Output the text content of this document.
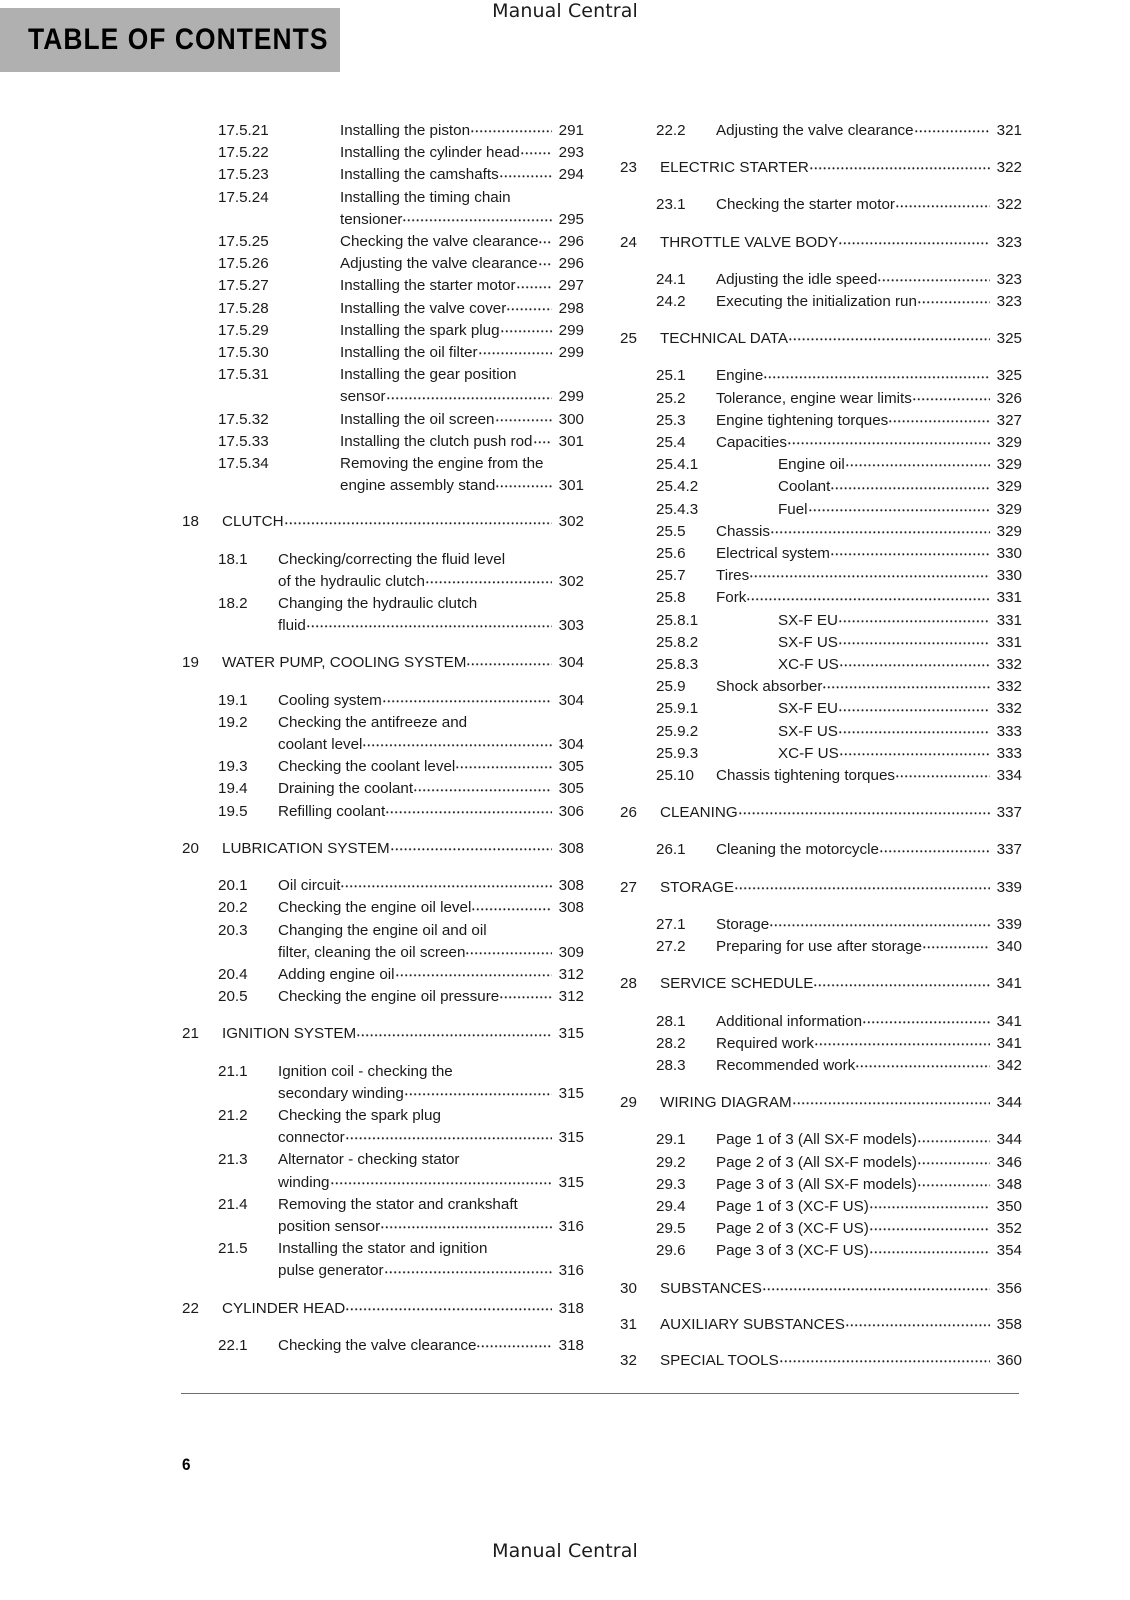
Manual Central
TABLE OF CONTENTS
17.5.21	Installing the piston	291
17.5.22	Installing the cylinder head	293
17.5.23	Installing the camshafts	294
17.5.24	Installing the timing chain
tensioner	295
17.5.25	Checking the valve clearance	296
17.5.26	Adjusting the valve clearance	296
17.5.27	Installing the starter motor	297
17.5.28	Installing the valve cover	298
17.5.29	Installing the spark plug	299
17.5.30	Installing the oil filter	299
17.5.31	Installing the gear position
sensor	299
17.5.32	Installing the oil screen	300
17.5.33	Installing the clutch push rod	301
17.5.34	Removing the engine from the
engine assembly stand	301
18	CLUTCH	302
18.1	Checking/correcting the fluid level
of the hydraulic clutch	302
18.2	Changing the hydraulic clutch
fluid	303
19	WATER PUMP, COOLING SYSTEM	304
19.1	Cooling system	304
19.2	Checking the antifreeze and
coolant level	304
19.3	Checking the coolant level	305
19.4	Draining the coolant	305
19.5	Refilling coolant	306
20	LUBRICATION SYSTEM	308
20.1	Oil circuit	308
20.2	Checking the engine oil level	308
20.3	Changing the engine oil and oil
filter, cleaning the oil screen	309
20.4	Adding engine oil	312
20.5	Checking the engine oil pressure	312
21	IGNITION SYSTEM	315
21.1	Ignition coil - checking the
secondary winding	315
21.2	Checking the spark plug
connector	315
21.3	Alternator - checking stator
winding	315
21.4	Removing the stator and crankshaft
position sensor	316
21.5	Installing the stator and ignition
pulse generator	316
22	CYLINDER HEAD	318
22.1	Checking the valve clearance	318
22.2	Adjusting the valve clearance	321
23	ELECTRIC STARTER	322
23.1	Checking the starter motor	322
24	THROTTLE VALVE BODY	323
24.1	Adjusting the idle speed	323
24.2	Executing the initialization run	323
25	TECHNICAL DATA	325
25.1	Engine	325
25.2	Tolerance, engine wear limits	326
25.3	Engine tightening torques	327
25.4	Capacities	329
25.4.1	Engine oil	329
25.4.2	Coolant	329
25.4.3	Fuel	329
25.5	Chassis	329
25.6	Electrical system	330
25.7	Tires	330
25.8	Fork	331
25.8.1	SX-F EU	331
25.8.2	SX-F US	331
25.8.3	XC-F US	332
25.9	Shock absorber	332
25.9.1	SX-F EU	332
25.9.2	SX-F US	333
25.9.3	XC-F US	333
25.10	Chassis tightening torques	334
26	CLEANING	337
26.1	Cleaning the motorcycle	337
27	STORAGE	339
27.1	Storage	339
27.2	Preparing for use after storage	340
28	SERVICE SCHEDULE	341
28.1	Additional information	341
28.2	Required work	341
28.3	Recommended work	342
29	WIRING DIAGRAM	344
29.1	Page 1 of 3 (All SX-F models)	344
29.2	Page 2 of 3 (All SX-F models)	346
29.3	Page 3 of 3 (All SX-F models)	348
29.4	Page 1 of 3 (XC-F US)	350
29.5	Page 2 of 3 (XC-F US)	352
29.6	Page 3 of 3 (XC-F US)	354
30	SUBSTANCES	356
31	AUXILIARY SUBSTANCES	358
32	SPECIAL TOOLS	360
6
Manual Central
